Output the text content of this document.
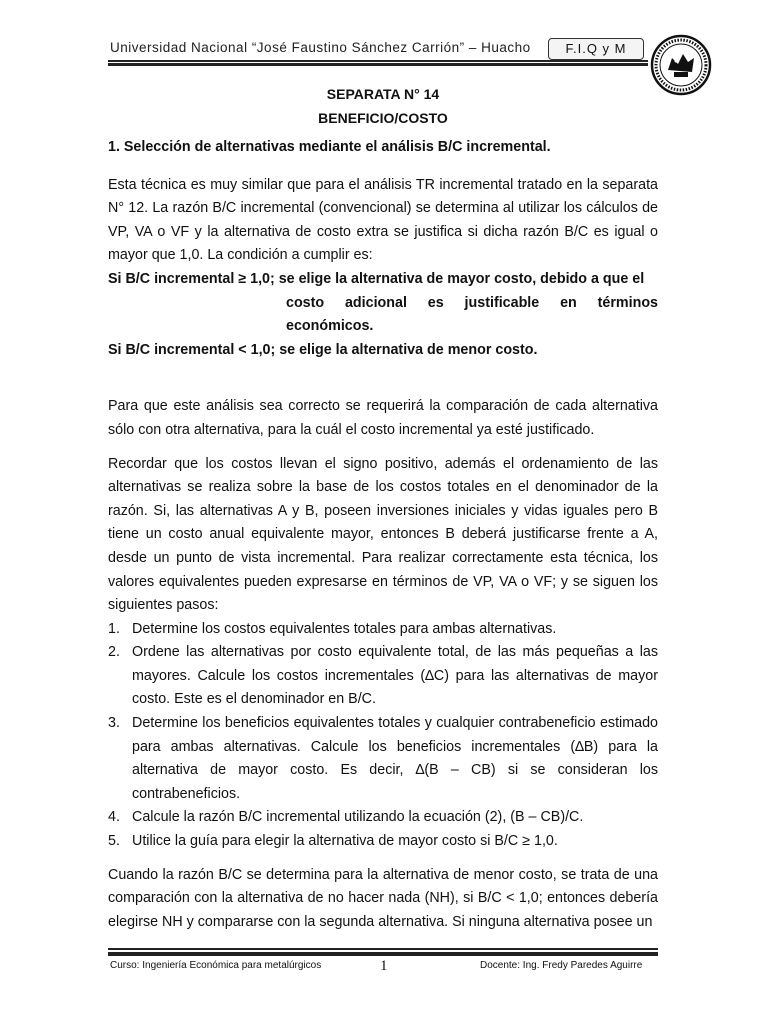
Universidad Nacional “José Faustino Sánchez Carrión” – Huacho	F.I.Q y M
SEPARATA N° 14
BENEFICIO/COSTO

1. Selección de alternativas mediante el análisis B/C incremental.

Esta técnica es muy similar que para el análisis TR incremental tratado en la separata N° 12. La razón B/C incremental (convencional) se determina al utilizar los cálculos de VP, VA o VF y la alternativa de costo extra se justifica si dicha razón B/C es igual o mayor que 1,0. La condición a cumplir es:

Si B/C incremental ≥ 1,0; se elige la alternativa de mayor costo, debido a que el

costo adicional es justificable en términos

económicos.

Si B/C incremental < 1,0; se elige la alternativa de menor costo.

Para que este análisis sea correcto se requerirá la comparación de cada alternativa sólo con otra alternativa, para la cuál el costo incremental ya esté justificado.

Recordar que los costos llevan el signo positivo, además el ordenamiento de las alternativas se realiza sobre la base de los costos totales en el denominador de la razón. Si, las alternativas A y B, poseen inversiones iniciales y vidas iguales pero B tiene un costo anual equivalente mayor, entonces B deberá justificarse frente a A, desde un punto de vista incremental. Para realizar correctamente esta técnica, los valores equivalentes pueden expresarse en términos de VP, VA o VF; y se siguen los siguientes pasos:

1. Determine los costos equivalentes totales para ambas alternativas.
2. Ordene las alternativas por costo equivalente total, de las más pequeñas a las mayores. Calcule los costos incrementales (∆C) para las alternativas de mayor costo. Este es el denominador en B/C.
3. Determine los beneficios equivalentes totales y cualquier contrabeneficio estimado para ambas alternativas. Calcule los beneficios incrementales (∆B) para la alternativa de mayor costo. Es decir, ∆(B – CB) si se consideran los contrabeneficios.
4. Calcule la razón B/C incremental utilizando la ecuación (2), (B – CB)/C.
5. Utilice la guía para elegir la alternativa de mayor costo si B/C ≥ 1,0.

Cuando la razón B/C se determina para la alternativa de menor costo, se trata de una comparación con la alternativa de no hacer nada (NH), si B/C < 1,0; entonces debería elegirse NH y compararse con la segunda alternativa. Si ninguna alternativa posee un

Curso: Ingeniería Económica para metalúrgicos	1	Docente: Ing. Fredy Paredes Aguirre
